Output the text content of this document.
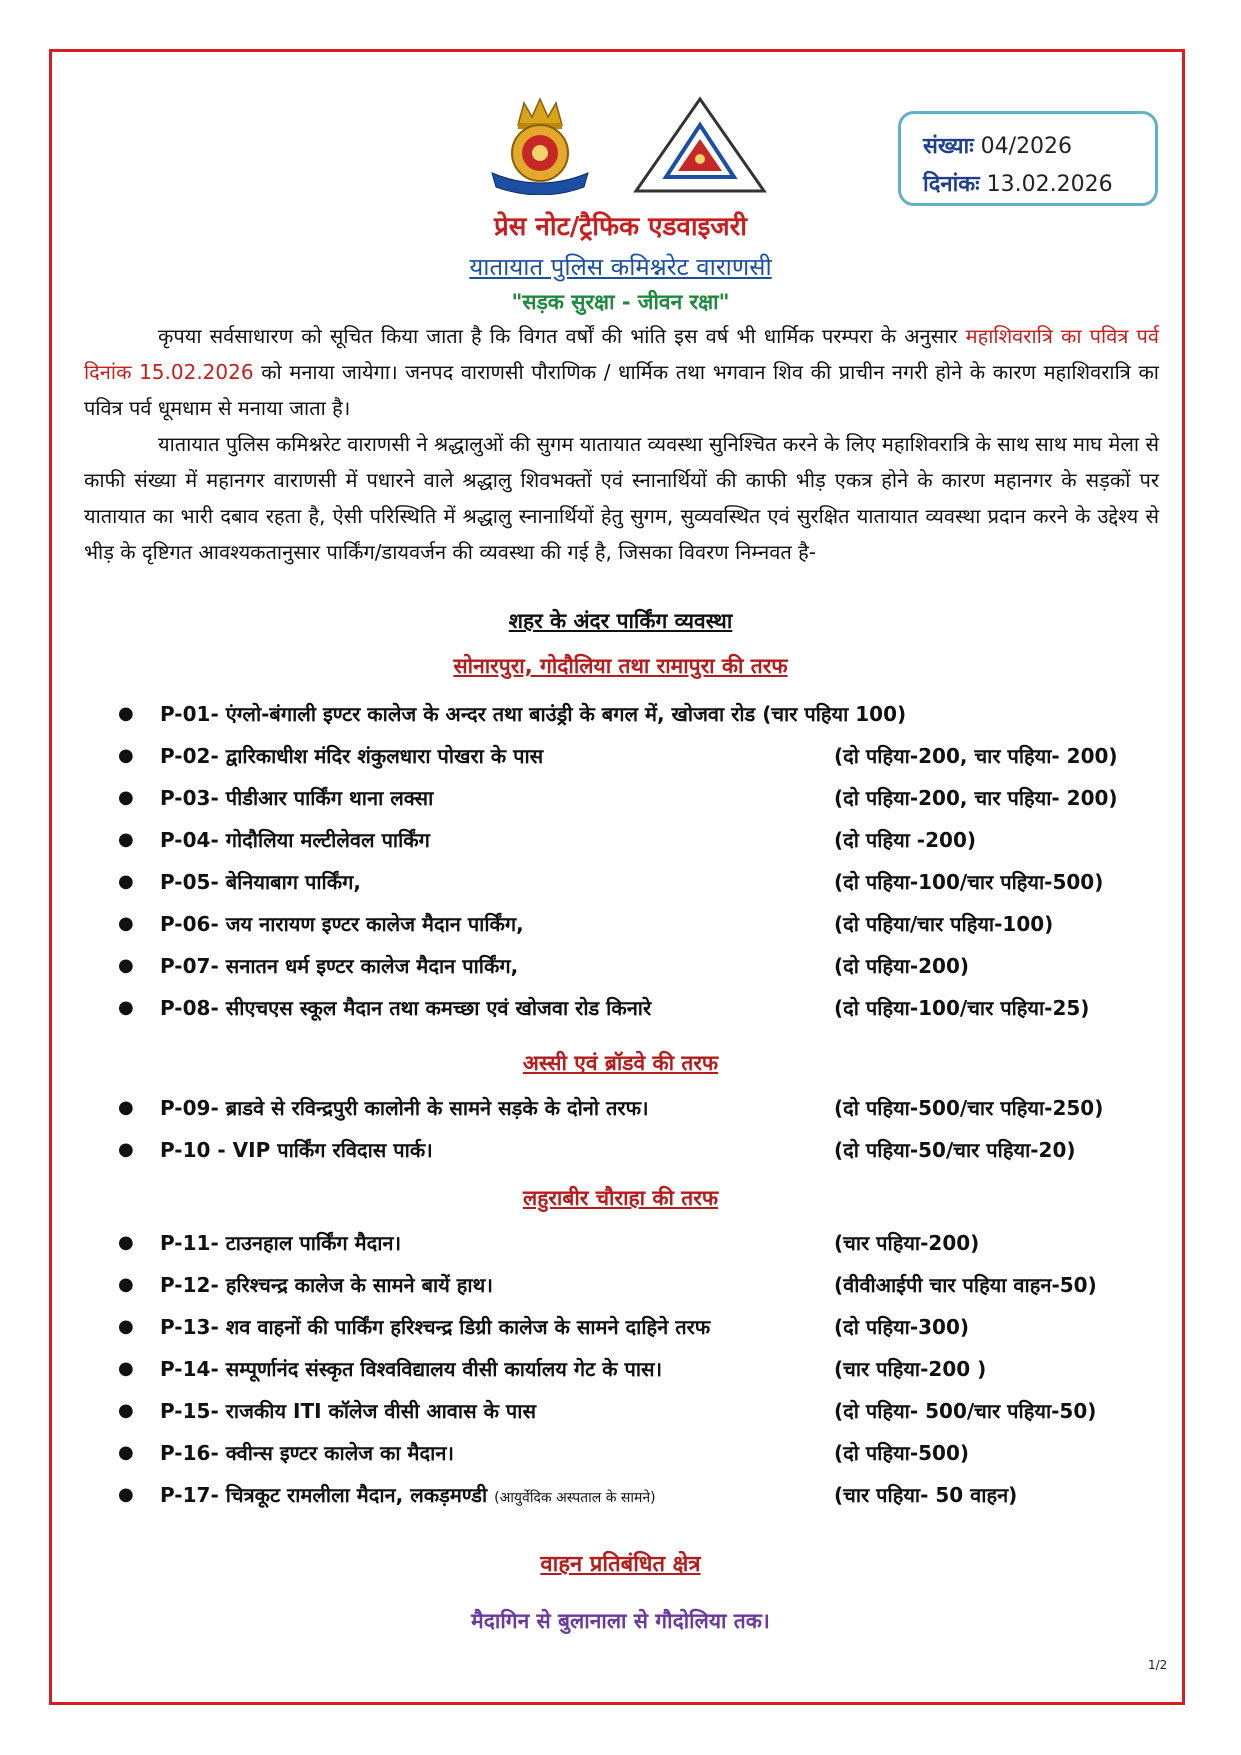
संख्याः 04/2026
दिनांकः 13.02.2026
प्रेस नोट/ट्रैफिक एडवाइजरी
यातायात पुलिस कमिश्नरेट वाराणसी
"सड़क सुरक्षा - जीवन रक्षा"

कृपया सर्वसाधारण को सूचित किया जाता है कि विगत वर्षों की भांति इस वर्ष भी धार्मिक परम्परा के अनुसार महाशिवरात्रि का पवित्र पर्व दिनांक 15.02.2026 को मनाया जायेगा। जनपद वाराणसी पौराणिक / धार्मिक तथा भगवान शिव की प्राचीन नगरी होने के कारण महाशिवरात्रि का पवित्र पर्व धूमधाम से मनाया जाता है।

यातायात पुलिस कमिश्नरेट वाराणसी ने श्रद्धालुओं की सुगम यातायात व्यवस्था सुनिश्चित करने के लिए महाशिवरात्रि के साथ साथ माघ मेला से काफी संख्या में महानगर वाराणसी में पधारने वाले श्रद्धालु शिवभक्तों एवं स्नानार्थियों की काफी भीड़ एकत्र होने के कारण महानगर के सड़कों पर यातायात का भारी दबाव रहता है, ऐसी परिस्थिति में श्रद्धालु स्नानार्थियों हेतु सुगम, सुव्यवस्थित एवं सुरक्षित यातायात व्यवस्था प्रदान करने के उद्देश्य से भीड़ के दृष्टिगत आवश्यकतानुसार पार्किंग/डायवर्जन की व्यवस्था की गई है, जिसका विवरण निम्नवत है-

शहर के अंदर पार्किंग व्यवस्था
सोनारपुरा, गोदौलिया तथा रामापुरा की तरफ
● P-01- एंग्लो-बंगाली इण्टर कालेज के अन्दर तथा बाउंड्री के बगल में, खोजवा रोड (चार पहिया 100)
● P-02- द्वारिकाधीश मंदिर शंकुलधारा पोखरा के पास	(दो पहिया-200, चार पहिया- 200)
● P-03- पीडीआर पार्किंग थाना लक्सा	(दो पहिया-200, चार पहिया- 200)
● P-04- गोदौलिया मल्टीलेवल पार्किंग	(दो पहिया -200)
● P-05- बेनियाबाग पार्किंग,	(दो पहिया-100/चार पहिया-500)
● P-06- जय नारायण इण्टर कालेज मैदान पार्किंग,	(दो पहिया/चार पहिया-100)
● P-07- सनातन धर्म इण्टर कालेज मैदान पार्किंग,	(दो पहिया-200)
● P-08- सीएचएस स्कूल मैदान तथा कमच्छा एवं खोजवा रोड किनारे	(दो पहिया-100/चार पहिया-25)
अस्सी एवं ब्रॉडवे की तरफ
● P-09- ब्राडवे से रविन्द्रपुरी कालोनी के सामने सड़के के दोनो तरफ।	(दो पहिया-500/चार पहिया-250)
● P-10 - VIP पार्किंग रविदास पार्क।	(दो पहिया-50/चार पहिया-20)
लहुराबीर चौराहा की तरफ
● P-11- टाउनहाल पार्किंग मैदान।	(चार पहिया-200)
● P-12- हरिश्चन्द्र कालेज के सामने बायें हाथ।	(वीवीआईपी चार पहिया वाहन-50)
● P-13- शव वाहनों की पार्किंग हरिश्चन्द्र डिग्री कालेज के सामने दाहिने तरफ	(दो पहिया-300)
● P-14- सम्पूर्णानंद संस्कृत विश्वविद्यालय वीसी कार्यालय गेट के पास।	(चार पहिया-200 )
● P-15- राजकीय ITI कॉलेज वीसी आवास के पास	(दो पहिया- 500/चार पहिया-50)
● P-16- क्वीन्स इण्टर कालेज का मैदान।	(दो पहिया-500)
● P-17- चित्रकूट रामलीला मैदान, लकड़मण्डी (आयुर्वेदिक अस्पताल के सामने)	(चार पहिया- 50 वाहन)
वाहन प्रतिबंधित क्षेत्र
मैदागिन से बुलानाला से गौदोलिया तक।
1/2
